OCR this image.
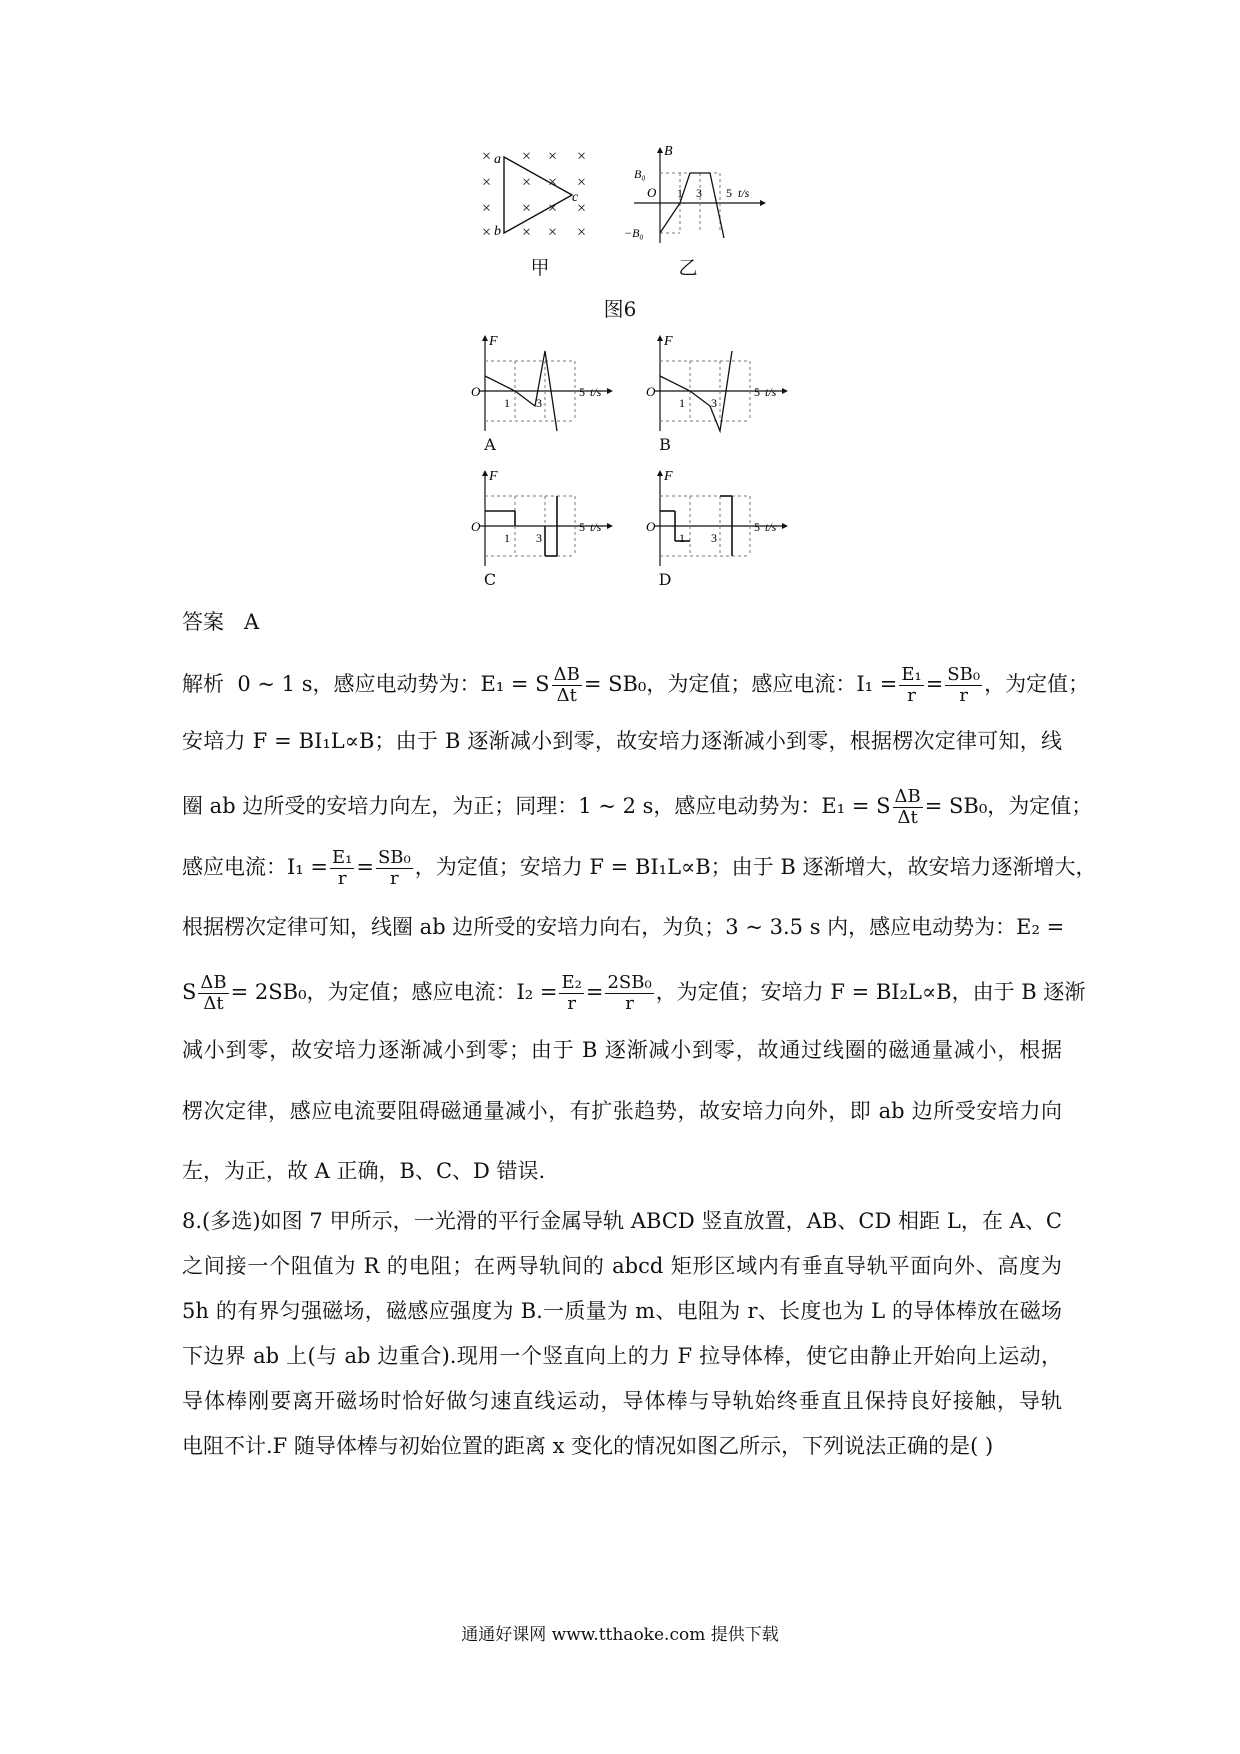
× × × ×
× × × ×
× × × ×
× × × ×
a
b
c
甲
B
B₀
−B₀
O 1 3 5 t/s
乙
图6
F
O
1 3
5 t/s
A
F
O
1 3
5 t/s
B
F
O
1 3
5 t/s
C
F
O
1 3
5 t/s
D
答案 A
解析 0 ~ 1 s，感应电动势为：E₁ = S $\frac{\Delta B}{\Delta t} = SB_0$，为定值；感应电流：$I_1 = \frac{\text{E₁}}{r} = \frac{\text{SB₀}}{r}$ ，为定值；
安培力 F = BI₁L∝B；由于 B 逐渐减小到零，故安培力逐渐减小到零，根据楞次定律可知，线
圈 ab 边所受的安培力向左，为正；同理：1 ~ 2 s，感应电动势为：E₁ = S $\frac{\Delta B}{\Delta t} = SB_0$，为定值；
感应电流：$I_1 = \frac{\text{E₁}}{r} = \frac{\text{SB₀}}{r}$ ，为定值；安培力 F = BI₁L∝B；由于 B 逐渐增大，故安培力逐渐增大，
根据楞次定律可知，线圈 ab 边所受的安培力向右，为负；3 ~ 3.5 s 内，感应电动势为：E₂ =
S $\frac{\Delta B}{\Delta t} = 2SB_0$，为定值；感应电流：$I_2 = \frac{\text{E₂}}{r} = \frac{\text{2SB₀}}{r}$ ，为定值；安培力 F = BI₂L∝B，由于 B 逐渐
减小到零，故安培力逐渐减小到零；由于 B 逐渐减小到零，故通过线圈的磁通量减小，根据
楞次定律，感应电流要阻碍磁通量减小，有扩张趋势，故安培力向外，即 ab 边所受安培力向
左，为正，故 A 正确，B、C、D 错误.
8.(多选)如图 7 甲所示，一光滑的平行金属导轨 ABCD 竖直放置，AB、CD 相距 L，在 A、C
之间接一个阻值为 R 的电阻；在两导轨间的 abcd 矩形区域内有垂直导轨平面向外、高度为
5h 的有界匀强磁场，磁感应强度为 B.一质量为 m、电阻为 r、长度也为 L 的导体棒放在磁场
下边界 ab 上(与 ab 边重合).现用一个竖直向上的力 F 拉导体棒，使它由静止开始向上运动，
导体棒刚要离开磁场时恰好做匀速直线运动，导体棒与导轨始终垂直且保持良好接触，导轨
电阻不计.F 随导体棒与初始位置的距离 x 变化的情况如图乙所示，下列说法正确的是( )
通通好课网 www.tthaoke.com 提供下载
